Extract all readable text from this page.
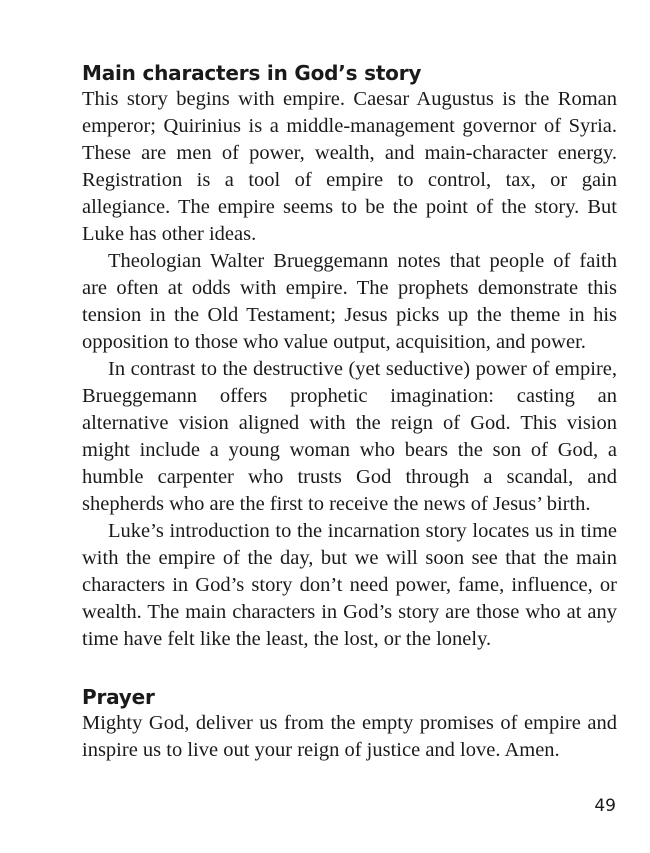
Main characters in God’s story

This story begins with empire. Caesar Augustus is the Roman emperor; Quirinius is a middle-management governor of Syria. These are men of power, wealth, and main-character energy. Registration is a tool of empire to control, tax, or gain allegiance. The empire seems to be the point of the story. But Luke has other ideas.

Theologian Walter Brueggemann notes that people of faith are often at odds with empire. The prophets demonstrate this tension in the Old Testament; Jesus picks up the theme in his opposition to those who value output, acquisition, and power.

In contrast to the destructive (yet seductive) power of empire, Brueggemann offers prophetic imagination: casting an alternative vision aligned with the reign of God. This vision might include a young woman who bears the son of God, a humble carpenter who trusts God through a scandal, and shepherds who are the first to receive the news of Jesus’ birth.

Luke’s introduction to the incarnation story locates us in time with the empire of the day, but we will soon see that the main characters in God’s story don’t need power, fame, influence, or wealth. The main characters in God’s story are those who at any time have felt like the least, the lost, or the lonely.

Prayer

Mighty God, deliver us from the empty promises of empire and inspire us to live out your reign of justice and love. Amen.

49
